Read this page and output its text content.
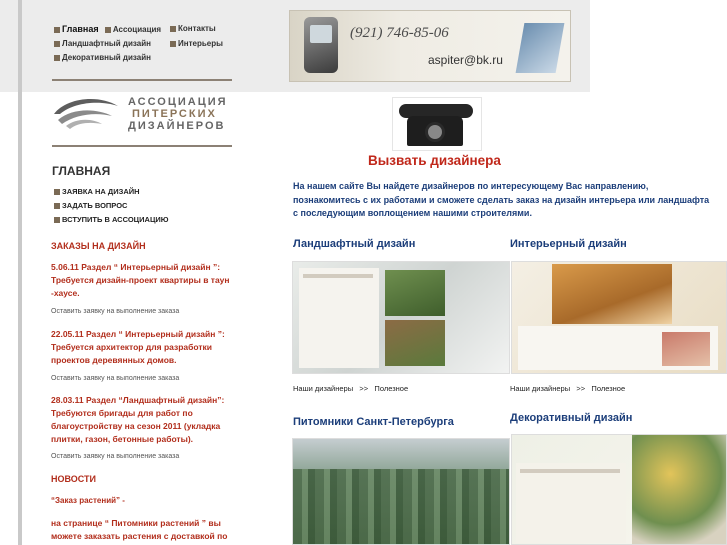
Главная Ассоциация	Контакты
Ландшафтный дизайн	Интерьеры
Декоративный дизайн
(921) 746-85-06
aspiter@bk.ru
АССОЦИАЦИЯ
ПИТЕРСКИХ
ДИЗАЙНЕРОВ
ГЛАВНАЯ
ЗАЯВКА НА ДИЗАЙН
ЗАДАТЬ ВОПРОС
ВСТУПИТЬ В АССОЦИАЦИЮ
ЗАКАЗЫ НА ДИЗАЙН
5.06.11 Раздел “ Интерьерный дизайн ”: Требуется дизайн-проект квартиры в таун -хаусе.
Оставить заявку на выполнение заказа
22.05.11 Раздел “ Интерьерный дизайн ”: Требуется архитектор для разработки проектов деревянных домов.
Оставить заявку на выполнение заказа
28.03.11 Раздел “Ландшафтный дизайн”: Требуются бригады для работ по благоустройству на сезон 2011 (укладка плитки, газон, бетонные работы).
Оставить заявку на выполнение заказа
НОВОСТИ
“Заказ растений” -
на странице “ Питомники растений ” вы можете заказать растения с доставкой по
Вызвать дизайнера
На нашем сайте Вы найдете дизайнеров по интересующему Вас направлению, познакомитесь с их работами и сможете сделать заказ на дизайн интерьера или ландшафта с последующим воплощением нашими строителями.
Ландшафтный дизайн	Интерьерный дизайн
Наши дизайнеры >> Полезное	Наши дизайнеры >> Полезное
Питомники Санкт-Петербурга	Декоративный дизайн
